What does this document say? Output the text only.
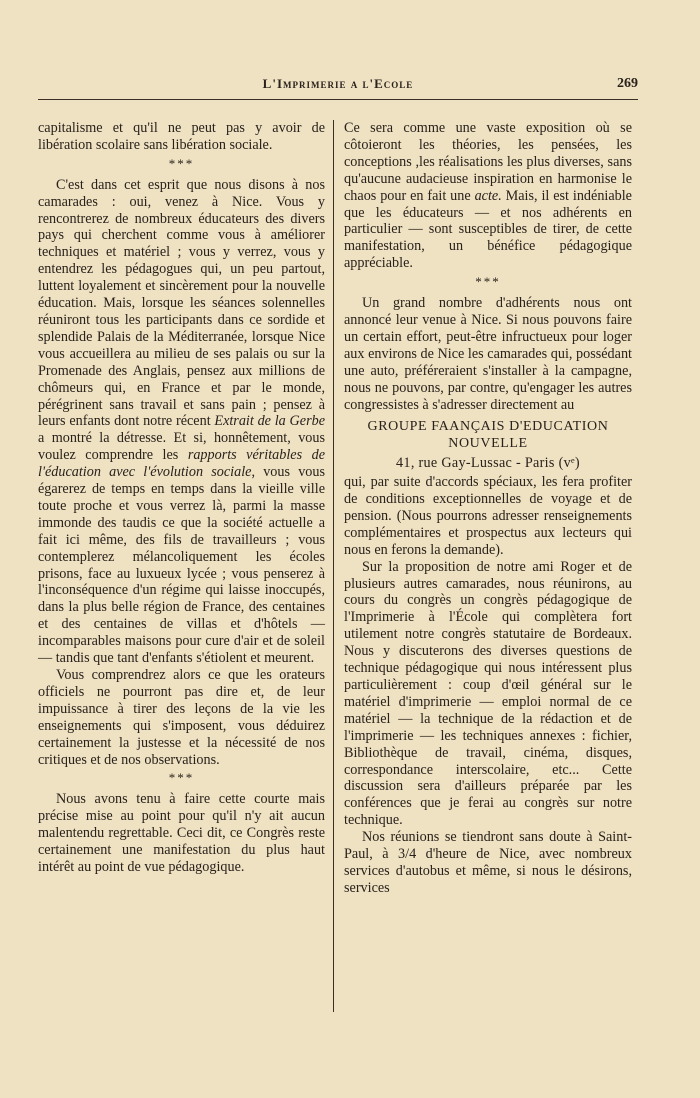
L'Imprimerie a l'Ecole	269

capitalisme et qu'il ne peut pas y avoir de libération scolaire sans libération sociale.

***

C'est dans cet esprit que nous disons à nos camarades : oui, venez à Nice. Vous y rencontrerez de nombreux éducateurs des divers pays qui cherchent comme vous à améliorer techniques et matériel ; vous y verrez, vous y entendrez les pédagogues qui, un peu partout, luttent loyalement et sincèrement pour la nouvelle éducation. Mais, lorsque les séances solennelles réuniront tous les participants dans ce sordide et splendide Palais de la Méditerranée, lorsque Nice vous accueillera au milieu de ses palais ou sur la Promenade des Anglais, pensez aux millions de chômeurs qui, en France et par le monde, pérégrinent sans travail et sans pain ; pensez à leurs enfants dont notre récent Extrait de la Gerbe a montré la détresse. Et si, honnêtement, vous voulez comprendre les rapports véritables de l'éducation avec l'évolution sociale, vous vous égarerez de temps en temps dans la vieille ville toute proche et vous verrez là, parmi la masse immonde des taudis ce que la société actuelle a fait ici même, des fils de travailleurs ; vous contemplerez mélancoliquement les écoles prisons, face au luxueux lycée ; vous penserez à l'inconséquence d'un régime qui laisse inoccupés, dans la plus belle région de France, des centaines et des centaines de villas et d'hôtels — incomparables maisons pour cure d'air et de soleil — tandis que tant d'enfants s'étiolent et meurent.

Vous comprendrez alors ce que les orateurs officiels ne pourront pas dire et, de leur impuissance à tirer des leçons de la vie les enseignements qui s'imposent, vous déduirez certainement la justesse et la nécessité de nos critiques et de nos observations.

***

Nous avons tenu à faire cette courte mais précise mise au point pour qu'il n'y ait aucun malentendu regrettable. Ceci dit, ce Congrès reste certainement une manifestation du plus haut intérêt au point de vue pédagogique.

Ce sera comme une vaste exposition où se côtoieront les théories, les pensées, les conceptions ,les réalisations les plus diverses, sans qu'aucune audacieuse inspiration en harmonise le chaos pour en fait une acte. Mais, il est indéniable que les éducateurs — et nos adhérents en particulier — sont susceptibles de tirer, de cette manifestation, un bénéfice pédagogique appréciable.

***

Un grand nombre d'adhérents nous ont annoncé leur venue à Nice. Si nous pouvons faire un certain effort, peut-être infructueux pour loger aux environs de Nice les camarades qui, possédant une auto, préféreraient s'installer à la campagne, nous ne pouvons, par contre, qu'engager les autres congressistes à s'adresser directement au

GROUPE FAANÇAIS D'EDUCATION NOUVELLE
41, rue Gay-Lussac - Paris (vᵉ)

qui, par suite d'accords spéciaux, les fera profiter de conditions exceptionnelles de voyage et de pension. (Nous pourrons adresser renseignements complémentaires et prospectus aux lecteurs qui nous en ferons la demande).

Sur la proposition de notre ami Roger et de plusieurs autres camarades, nous réunirons, au cours du congrès un congrès pédagogique de l'Imprimerie à l'École qui complètera fort utilement notre congrès statutaire de Bordeaux. Nous y discuterons des diverses questions de technique pédagogique qui nous intéressent plus particulièrement : coup d'œil général sur le matériel d'imprimerie — emploi normal de ce matériel — la technique de la rédaction et de l'imprimerie — les techniques annexes : fichier, Bibliothèque de travail, cinéma, disques, correspondance interscolaire, etc... Cette discussion sera d'ailleurs préparée par les conférences que je ferai au congrès sur notre technique.

Nos réunions se tiendront sans doute à Saint-Paul, à 3/4 d'heure de Nice, avec nombreux services d'autobus et même, si nous le désirons, services
